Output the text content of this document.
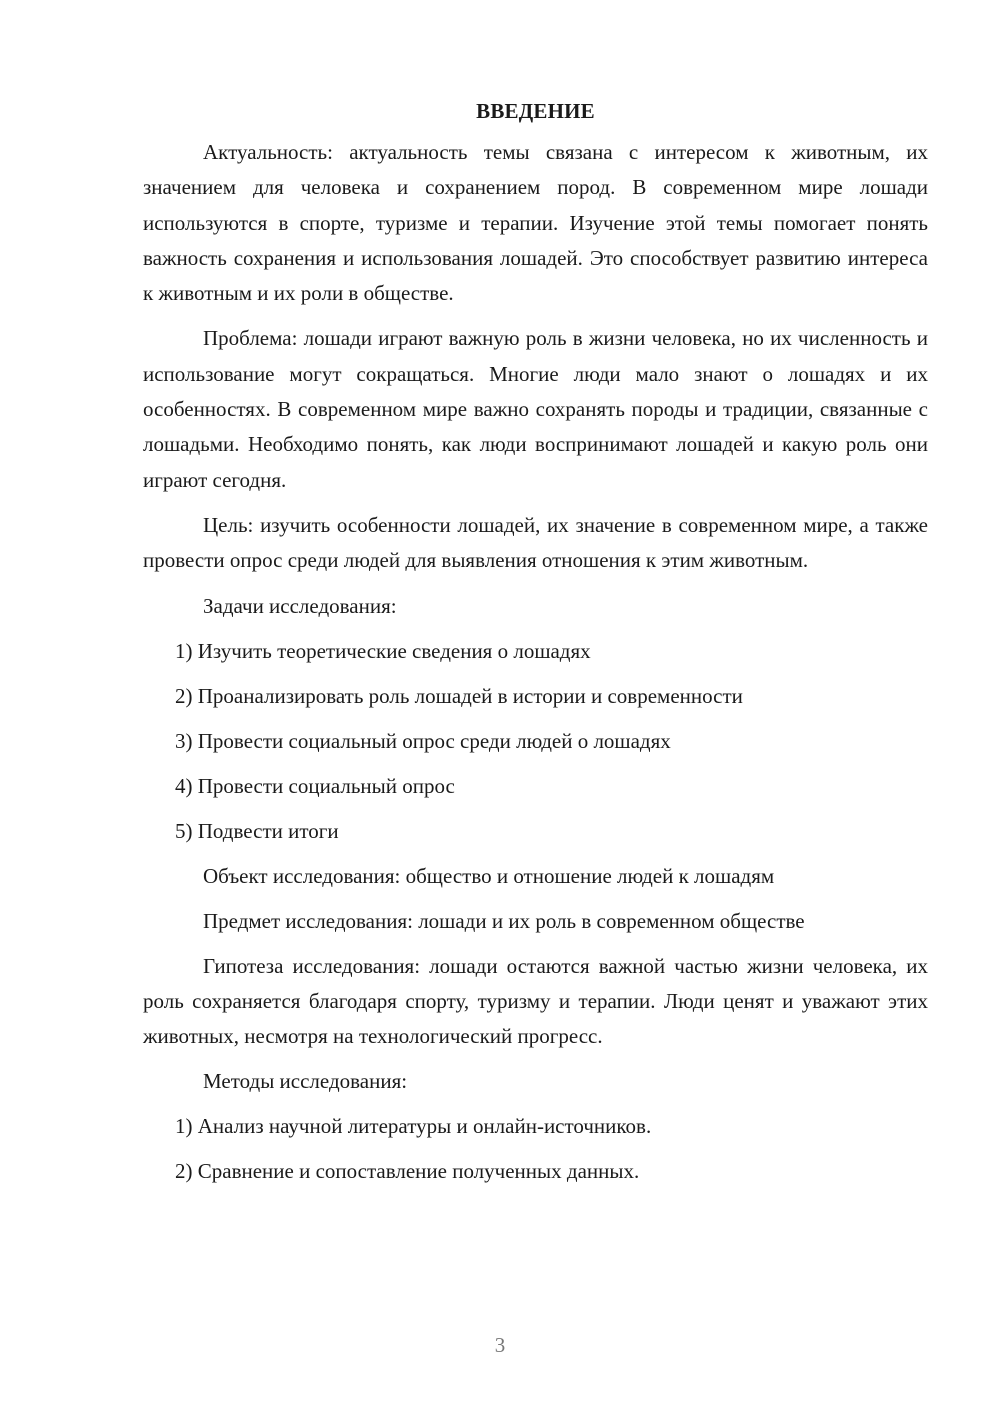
ВВЕДЕНИЕ

Актуальность: актуальность темы связана с интересом к животным, их значением для человека и сохранением пород. В современном мире лошади используются в спорте, туризме и терапии. Изучение этой темы помогает понять важность сохранения и использования лошадей. Это способствует развитию интереса к животным и их роли в обществе.

Проблема: лошади играют важную роль в жизни человека, но их численность и использование могут сокращаться. Многие люди мало знают о лошадях и их особенностях. В современном мире важно сохранять породы и традиции, связанные с лошадьми. Необходимо понять, как люди воспринимают лошадей и какую роль они играют сегодня.

Цель: изучить особенности лошадей, их значение в современном мире, а также провести опрос среди людей для выявления отношения к этим животным.

Задачи исследования:

1) Изучить теоретические сведения о лошадях

2) Проанализировать роль лошадей в истории и современности

3) Провести социальный опрос среди людей о лошадях

4) Провести социальный опрос

5) Подвести итоги

Объект исследования: общество и отношение людей к лошадям

Предмет исследования: лошади и их роль в современном обществе

Гипотеза исследования: лошади остаются важной частью жизни человека, их роль сохраняется благодаря спорту, туризму и терапии. Люди ценят и уважают этих животных, несмотря на технологический прогресс.

Методы исследования:

1) Анализ научной литературы и онлайн-источников.

2) Сравнение и сопоставление полученных данных.

3
